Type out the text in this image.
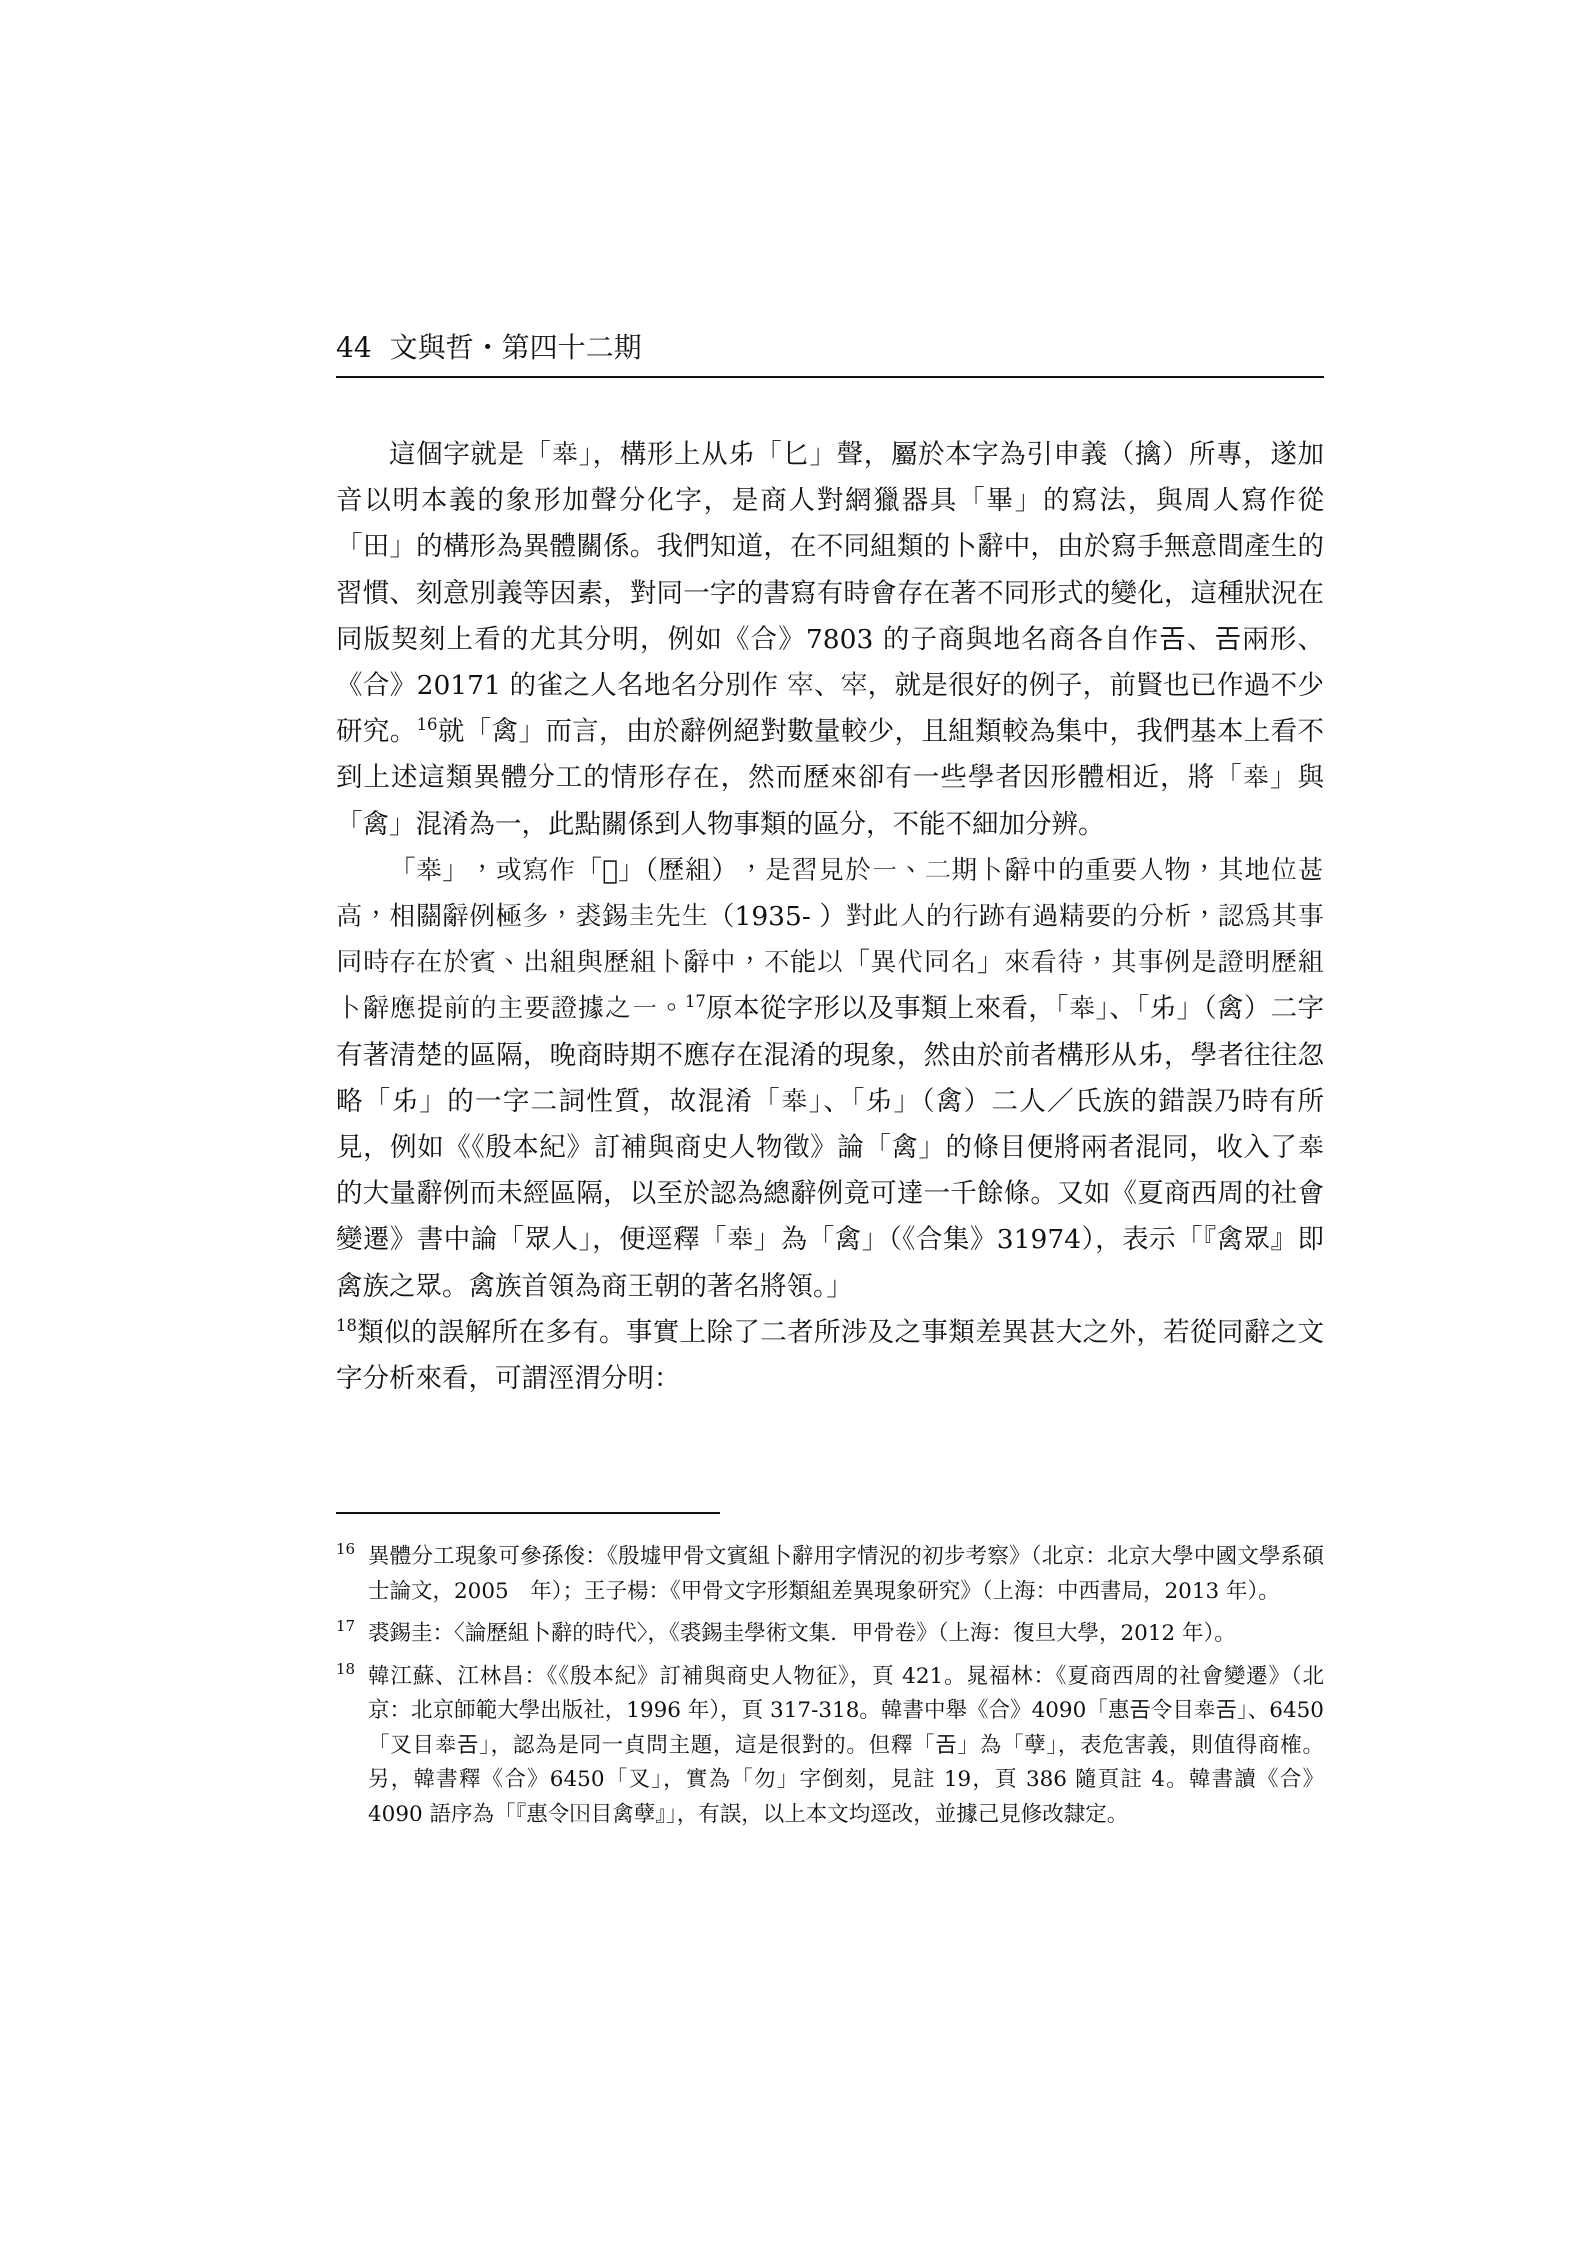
44 文與哲・第四十二期

這個字就是「𠦪」，構形上从𠂔「匕」聲，屬於本字為引申義（擒）所專，遂加音以明本義的象形加聲分化字，是商人對網獵器具「畢」的寫法，與周人寫作從「田」的構形為異體關係。我們知道，在不同組類的卜辭中，由於寫手無意間產生的習慣、刻意別義等因素，對同一字的書寫有時會存在著不同形式的變化，這種狀況在同版契刻上看的尤其分明，例如《合》7803 的子商與地名商各自作𢀛、𢀛兩形、《合》20171 的雀之人名地名分別作 𡨧、𡨧，就是很好的例子，前賢也已作過不少研究。$^{16}$就「禽」而言，由於辭例絕對數量較少，且組類較為集中，我們基本上看不到上述這類異體分工的情形存在，然而歷來卻有一些學者因形體相近，將「𠦪」與「禽」混淆為一，此點關係到人物事類的區分，不能不細加分辨。

「𠦪」，或寫作「𡧢」（歷組），是習見於一、二期卜辭中的重要人物，其地位甚高，相關辭例極多，裘錫圭先生（1935- ）對此人的行跡有過精要的分析，認為其事同時存在於賓、出組與歷組卜辭中，不能以「異代同名」來看待，其事例是證明歷組卜辭應提前的主要證據之一。$^{17}$原本從字形以及事類上來看，「𠦪」、「𠂔」（禽）二字有著清楚的區隔，晚商時期不應存在混淆的現象，然由於前者構形从𠂔，學者往往忽略「𠂔」的一字二詞性質，故混淆「𠦪」、「𠂔」（禽）二人／氏族的錯誤乃時有所見，例如《《殷本紀》訂補與商史人物徵》論「禽」的條目便將兩者混同，收入了𠦪的大量辭例而未經區隔，以至於認為總辭例竟可達一千餘條。又如《夏商西周的社會變遷》書中論「眾人」，便逕釋「𠦪」為「禽」（《合集》31974），表示「『禽眾』即禽族之眾。禽族首領為商王朝的著名將領。」
$^{18}$類似的誤解所在多有。事實上除了二者所涉及之事類差異甚大之外，若從同辭之文字分析來看，可謂涇渭分明：

16 異體分工現象可參孫俊：《殷墟甲骨文賓組卜辭用字情況的初步考察》（北京：北京大學中國文學系碩士論文，2005　年）；王子楊：《甲骨文字形類組差異現象研究》（上海：中西書局，2013 年）。
17 裘錫圭：〈論歷組卜辭的時代〉，《裘錫圭學術文集．甲骨卷》（上海：復旦大學，2012 年）。
18 韓江蘇、江林昌：《《殷本紀》訂補與商史人物征》，頁 421。晁福林：《夏商西周的社會變遷》（北京：北京師範大學出版社，1996 年），頁 317-318。韓書中舉《合》4090「惠𢀛令目𠦪𢀛」、6450「叉目𠦪𢀛」，認為是同一貞問主題，這是很對的。但釋「𢀛」為「孽」，表危害義，則值得商榷。另，韓書釋《合》6450「叉」，實為「勿」字倒刻，見註 19，頁 386 隨頁註 4。韓書讀《合》4090 語序為「『惠令𡆥目禽孽』」，有誤，以上本文均逕改，並據己見修改隸定。
